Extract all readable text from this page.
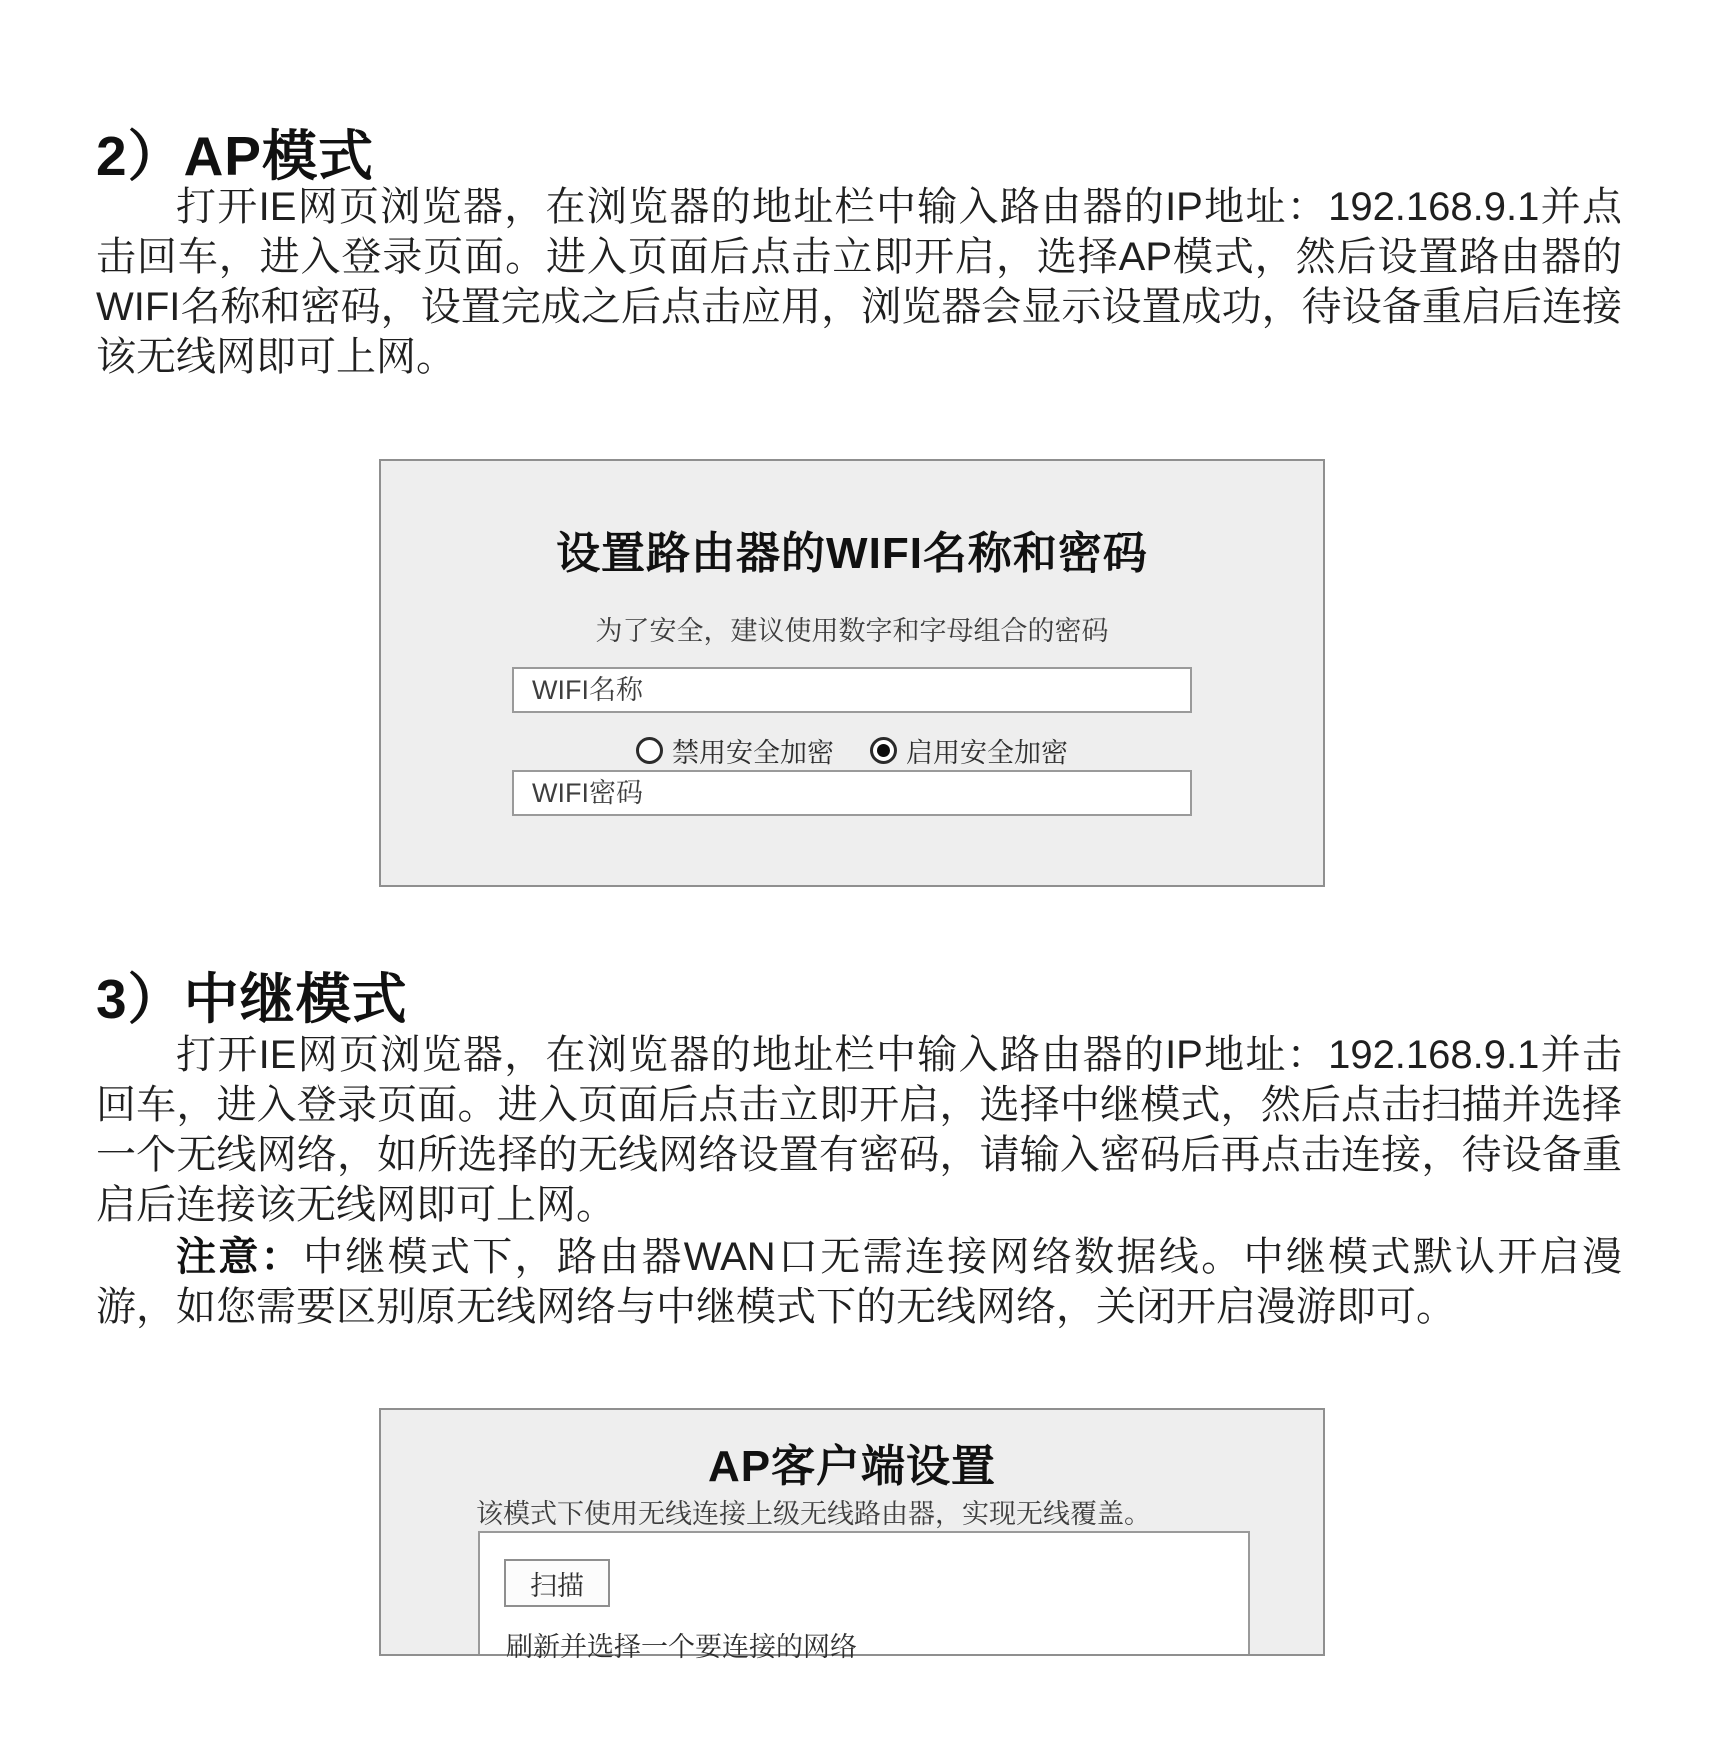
2）AP模式

打开IE网页浏览器，在浏览器的地址栏中输入路由器的IP地址：192.168.9.1并点击回车，进入登录页面。进入页面后点击立即开启，选择AP模式，然后设置路由器的WIFI名称和密码，设置完成之后点击应用，浏览器会显示设置成功，待设备重启后连接该无线网即可上网。

设置路由器的WIFI名称和密码
为了安全，建议使用数字和字母组合的密码
WIFI名称
禁用安全加密	启用安全加密
WIFI密码
3）中继模式

打开IE网页浏览器，在浏览器的地址栏中输入路由器的IP地址：192.168.9.1并击回车，进入登录页面。进入页面后点击立即开启，选择中继模式，然后点击扫描并选择一个无线网络，如所选择的无线网络设置有密码，请输入密码后再点击连接，待设备重启后连接该无线网即可上网。

注意：中继模式下，路由器WAN口无需连接网络数据线。中继模式默认开启漫游，如您需要区别原无线网络与中继模式下的无线网络，关闭开启漫游即可。

AP客户端设置
该模式下使用无线连接上级无线路由器，实现无线覆盖。
扫描
刷新并选择一个要连接的网络
